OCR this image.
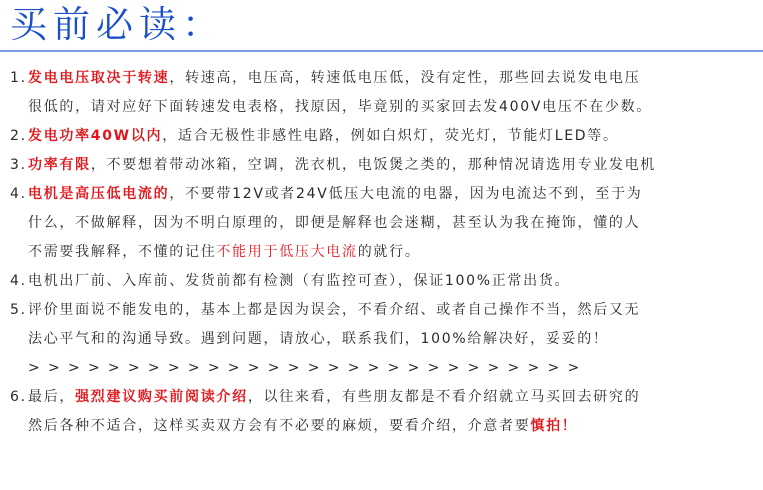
买前必读：
1.发电电压取决于转速，转速高，电压高，转速低电压低，没有定性，那些回去说发电电压
很低的，请对应好下面转速发电表格，找原因，毕竟别的买家回去发400V电压不在少数。
2.发电功率40W以内，适合无极性非感性电路，例如白炽灯，荧光灯，节能灯LED等。
3.功率有限，不要想着带动冰箱，空调，洗衣机，电饭煲之类的，那种情况请选用专业发电机
4.电机是高压低电流的，不要带12V或者24V低压大电流的电器，因为电流达不到，至于为
什么，不做解释，因为不明白原理的，即便是解释也会迷糊，甚至认为我在掩饰，懂的人
不需要我解释，不懂的记住不能用于低压大电流的就行。
4.电机出厂前、入库前、发货前都有检测（有监控可查），保证100%正常出货。
5.评价里面说不能发电的，基本上都是因为误会，不看介绍、或者自己操作不当，然后又无
法心平气和的沟通导致。遇到问题，请放心，联系我们，100%给解决好，妥妥的！
> > > > > > > > > > > > > > > > > > > > > > > > > > > >
6.最后，强烈建议购买前阅读介绍，以往来看，有些朋友都是不看介绍就立马买回去研究的
然后各种不适合，这样买卖双方会有不必要的麻烦，要看介绍，介意者要慎拍！
